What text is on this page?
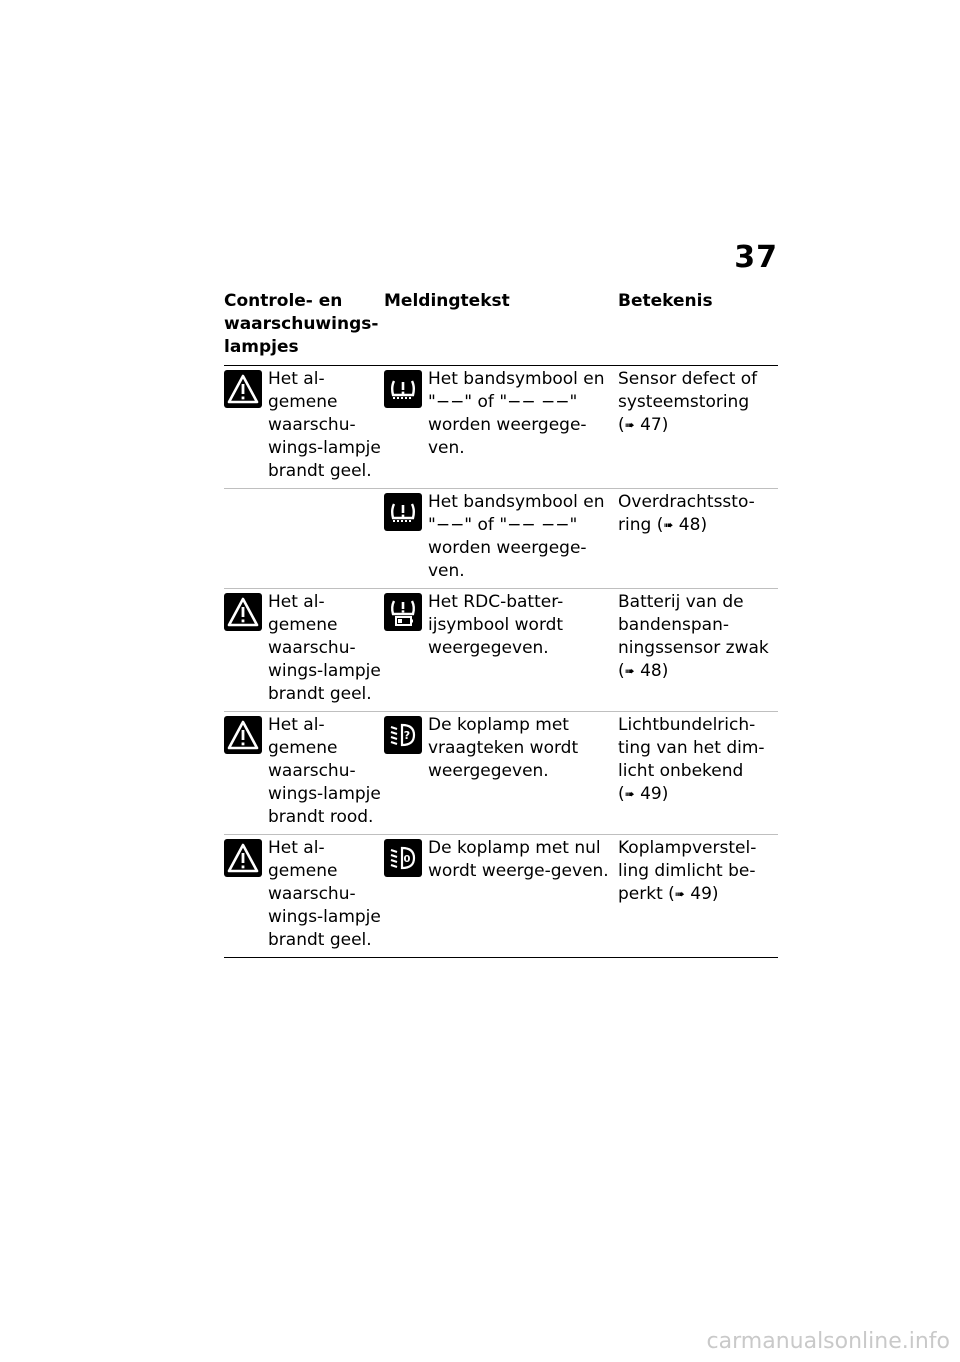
37
Controle- en waarschuwings-lampjes
Meldingtekst	Betekenis
Het al-gemene waarschu-wings-lampje brandt geel.
Het bandsymbool en "−−" of "−− −−" worden weergege-ven.
Sensor defect of systeemstoring (➠ 47)
Het bandsymbool en "−−" of "−− −−" worden weergege-ven.
Overdrachtssto-ring (➠ 48)
Het al-gemene waarschu-wings-lampje brandt geel.
Het RDC-batter-ijsymbool wordt weergegeven.
Batterij van de bandenspan-ningssensor zwak (➠ 48)
Het al-gemene waarschu-wings-lampje brandt rood.
?
De koplamp met vraagteken wordt weergegeven.
Lichtbundelrich-ting van het dim-licht onbekend (➠ 49)
Het al-gemene waarschu-wings-lampje brandt geel.
0
De koplamp met nul wordt weerge-geven.
Koplampverstel-ling dimlicht be-perkt (➠ 49)
carmanualsonline.info
